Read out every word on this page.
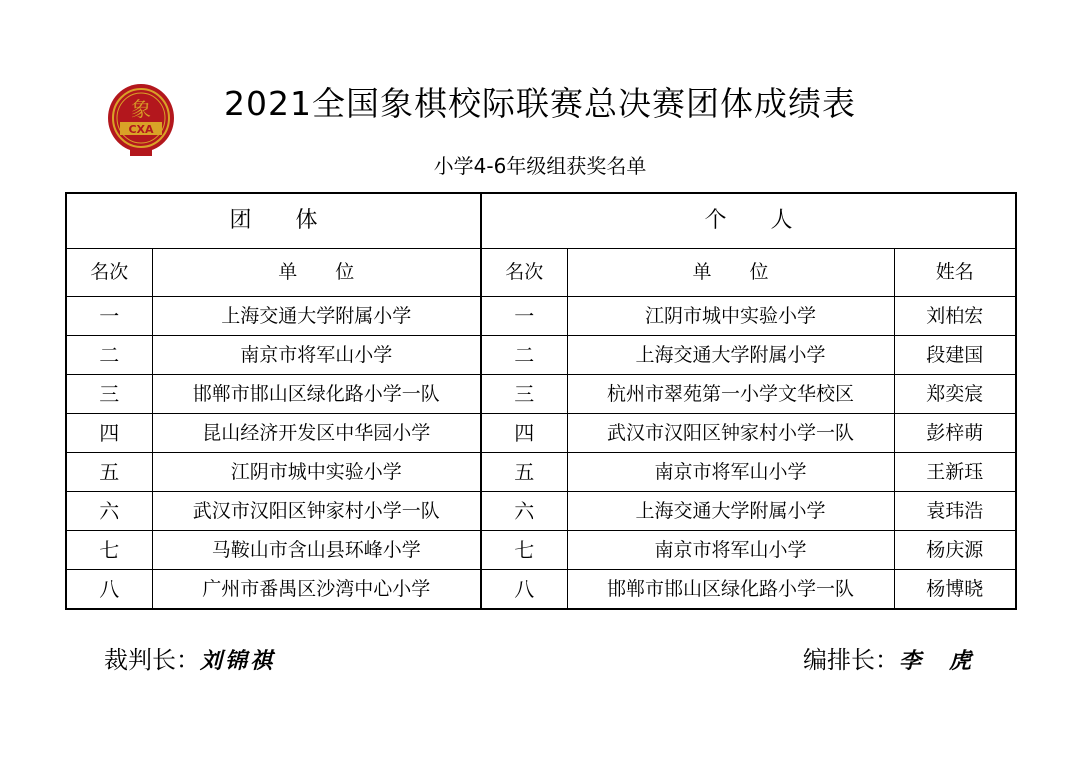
象
CXA
2021全国象棋校际联赛总决赛团体成绩表
小学4-6年级组获奖名单
团　　体		个　　人		
名次	单　　位	名次	单　　位	姓名
一	上海交通大学附属小学	一	江阴市城中实验小学	刘柏宏
二	南京市将军山小学	二	上海交通大学附属小学	段建国
三	邯郸市邯山区绿化路小学一队	三	杭州市翠苑第一小学文华校区	郑奕宸
四	昆山经济开发区中华园小学	四	武汉市汉阳区钟家村小学一队	彭梓萌
五	江阴市城中实验小学	五	南京市将军山小学	王新珏
六	武汉市汉阳区钟家村小学一队	六	上海交通大学附属小学	袁玮浩
七	马鞍山市含山县环峰小学	七	南京市将军山小学	杨庆源
八	广州市番禺区沙湾中心小学	八	邯郸市邯山区绿化路小学一队	杨博晓
裁判长：刘锦祺	编排长：李　虎
